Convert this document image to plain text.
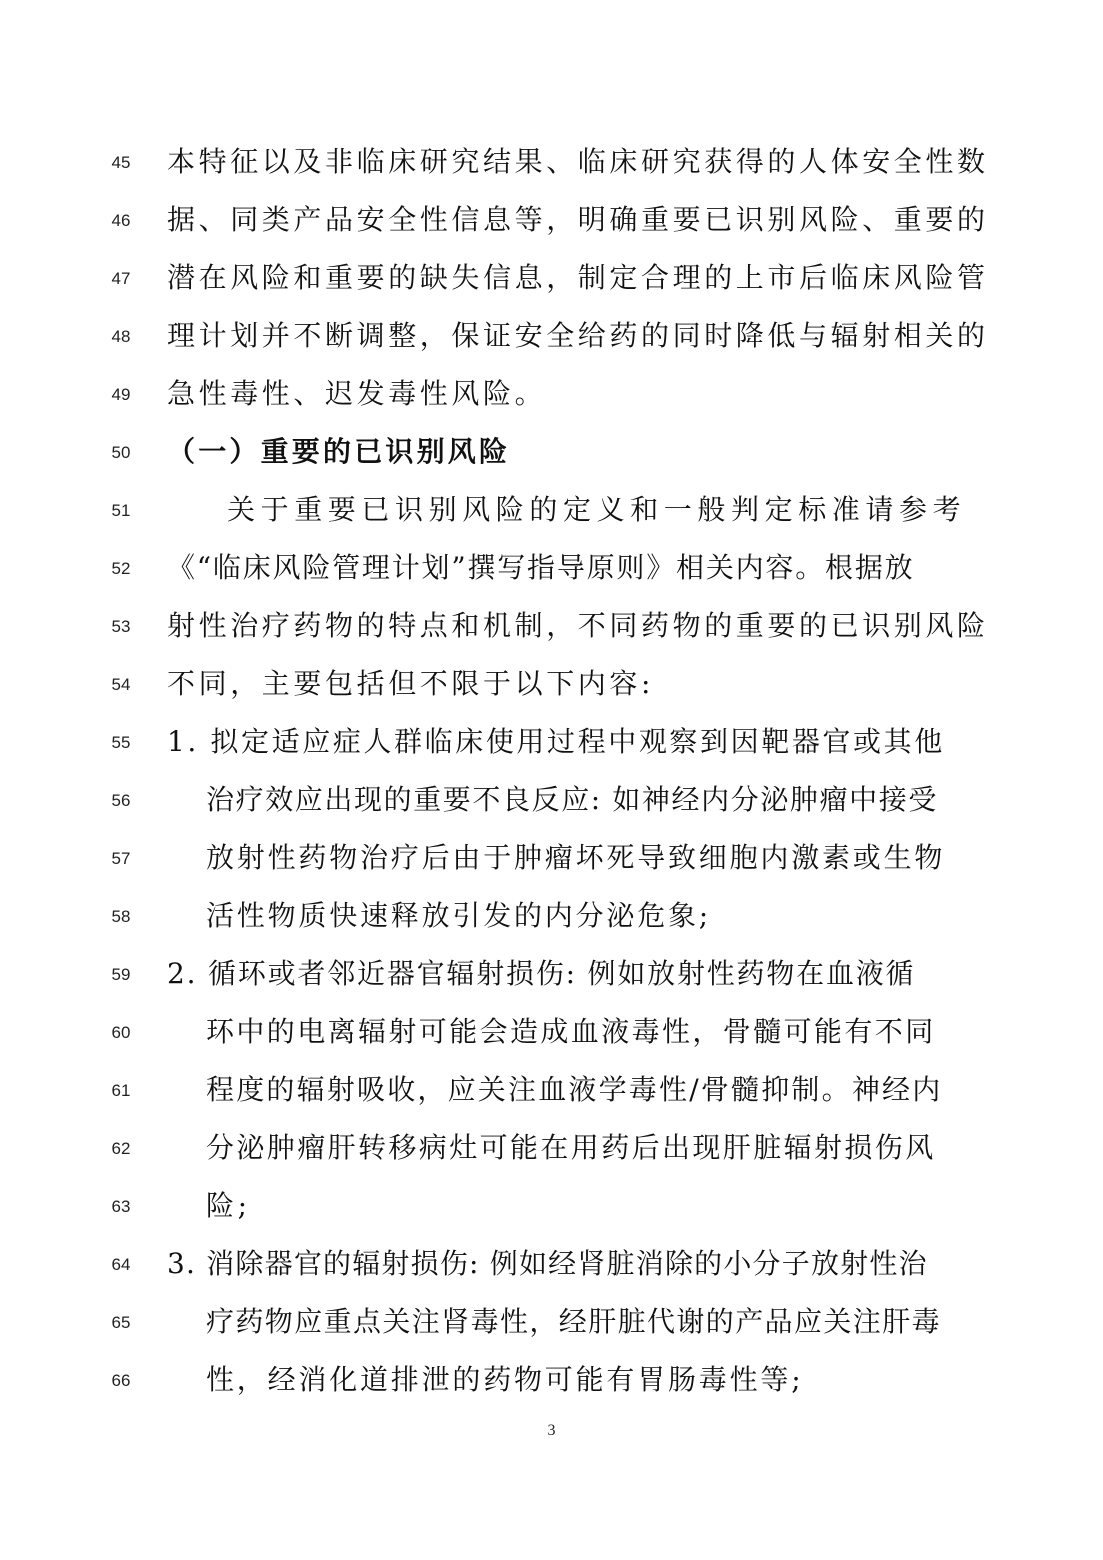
45	本特征以及非临床研究结果、临床研究获得的人体安全性数
46	据、同类产品安全性信息等，明确重要已识别风险、重要的
47	潜在风险和重要的缺失信息，制定合理的上市后临床风险管
48	理计划并不断调整，保证安全给药的同时降低与辐射相关的
49	急性毒性、迟发毒性风险。
50	（一）重要的已识别风险
51	关于重要已识别风险的定义和一般判定标准请参考
52	《“临床风险管理计划”撰写指导原则》相关内容。根据放
53	射性治疗药物的特点和机制，不同药物的重要的已识别风险
54	不同，主要包括但不限于以下内容:
55	1. 拟定适应症人群临床使用过程中观察到因靶器官或其他
56	治疗效应出现的重要不良反应: 如神经内分泌肿瘤中接受
57	放射性药物治疗后由于肿瘤坏死导致细胞内激素或生物
58	活性物质快速释放引发的内分泌危象;
59	2. 循环或者邻近器官辐射损伤: 例如放射性药物在血液循
60	环中的电离辐射可能会造成血液毒性，骨髓可能有不同
61	程度的辐射吸收，应关注血液学毒性/骨髓抑制。神经内
62	分泌肿瘤肝转移病灶可能在用药后出现肝脏辐射损伤风
63	险;
64	3. 消除器官的辐射损伤: 例如经肾脏消除的小分子放射性治
65	疗药物应重点关注肾毒性，经肝脏代谢的产品应关注肝毒
66	性，经消化道排泄的药物可能有胃肠毒性等;
3
